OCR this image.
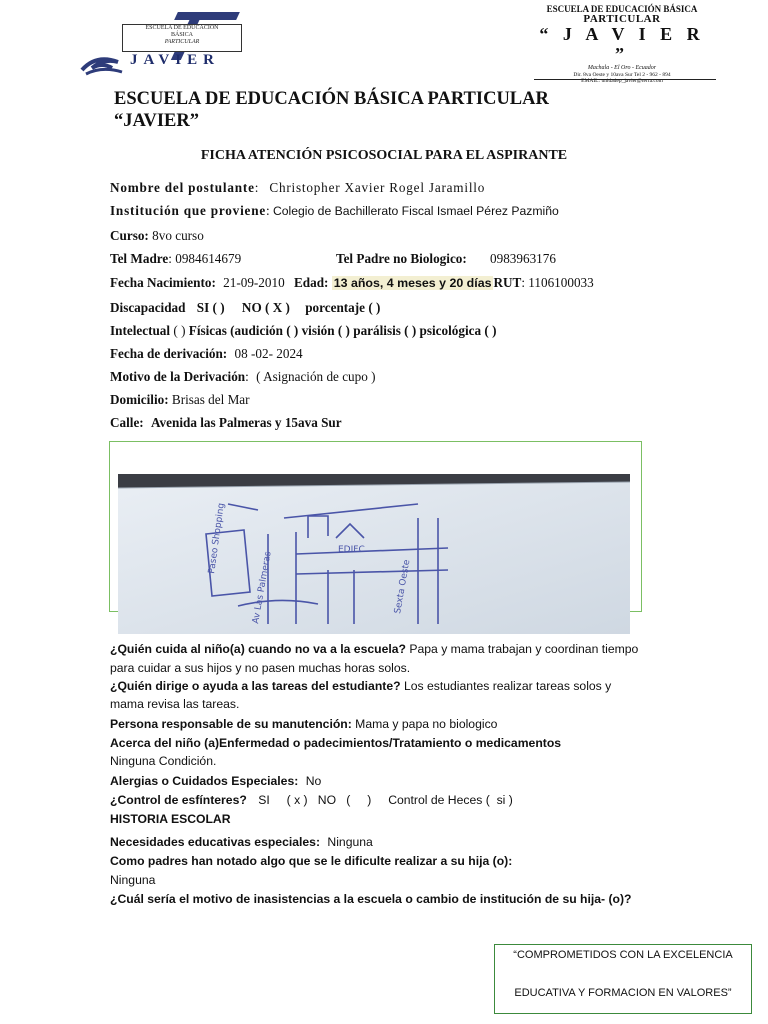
ESCUELA DE EDUCACION
BÁSICA
PARTICULAR
JAVIER
ESCUELA DE EDUCACIÓN BÁSICA
PARTICULAR
“ J A V I E R ”
Machala - El Oro - Ecuador
Dir. 8va Oeste y 10ava Sur Tel 2 - 962 - 894
EMAIL: unidadep_javier@terra.com
ESCUELA DE EDUCACIÓN BÁSICA PARTICULAR
“JAVIER”
FICHA ATENCIÓN PSICOSOCIAL PARA EL ASPIRANTE
Nombre del postulante: Christopher Xavier Rogel Jaramillo
Institución que proviene: Colegio de Bachillerato Fiscal Ismael Pérez Pazmiño
Curso: 8vo curso
Tel Madre: 0984614679	Tel Padre no Biologico: 0983963176
Fecha Nacimiento: 21-09-2010 Edad: 13 años, 4 meses y 20 días RUT: 1106100033
Discapacidad SI ( ) NO ( X ) porcentaje ( )
Intelectual ( ) Físicas (audición ( ) visión ( ) parálisis ( ) psicológica ( )
Fecha de derivación: 08 -02- 2024
Motivo de la Derivación: ( Asignación de cupo )
Domicilio: Brisas del Mar
Calle: Avenida las Palmeras y 15ava Sur
Paseo Shopping
Av Las Palmeras	Sexta Oeste
EDIFC
¿Quién cuida al niño(a) cuando no va a la escuela? Papa y mama trabajan y coordinan tiempo
para cuidar a sus hijos y no pasen muchas horas solos.
¿Quién dirige o ayuda a las tareas del estudiante? Los estudiantes realizar tareas solos y
mama revisa las tareas.
Persona responsable de su manutención: Mama y papa no biologico
Acerca del niño (a)Enfermedad o padecimientos/Tratamiento o medicamentos
Ninguna Condición.
Alergias o Cuidados Especiales: No
¿Control de esfínteres? SI     ( x )   NO   (     )     Control de Heces (  si )
HISTORIA ESCOLAR
Necesidades educativas especiales: Ninguna
Como padres han notado algo que se le dificulte realizar a su hija (o):
Ninguna
¿Cuál sería el motivo de inasistencias a la escuela o cambio de institución de su hija- (o)?
“COMPROMETIDOS CON LA EXCELENCIA
EDUCATIVA Y FORMACION EN VALORES”
